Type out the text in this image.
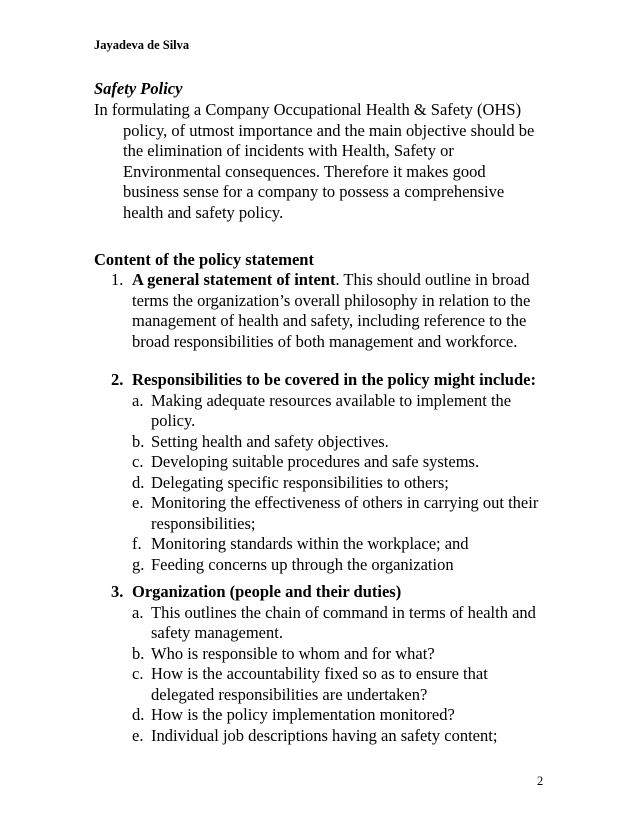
Jayadeva de Silva
Safety Policy
In formulating a Company Occupational Health & Safety (OHS)
policy, of utmost importance and the main objective should be
the elimination of incidents with Health, Safety or
Environmental consequences. Therefore it makes good
business sense for a company to possess a comprehensive
health and safety policy.
Content of the policy statement
1. A general statement of intent. This should outline in broad
terms the organization’s overall philosophy in relation to the
management of health and safety, including reference to the
broad responsibilities of both management and workforce.
2. Responsibilities to be covered in the policy might include:
a. Making adequate resources available to implement the
policy.
b. Setting health and safety objectives.
c. Developing suitable procedures and safe systems.
d. Delegating specific responsibilities to others;
e. Monitoring the effectiveness of others in carrying out their
responsibilities;
f. Monitoring standards within the workplace; and
g. Feeding concerns up through the organization
3. Organization (people and their duties)
a. This outlines the chain of command in terms of health and
safety management.
b. Who is responsible to whom and for what?
c. How is the accountability fixed so as to ensure that
delegated responsibilities are undertaken?
d. How is the policy implementation monitored?
e. Individual job descriptions having an safety content;
2
